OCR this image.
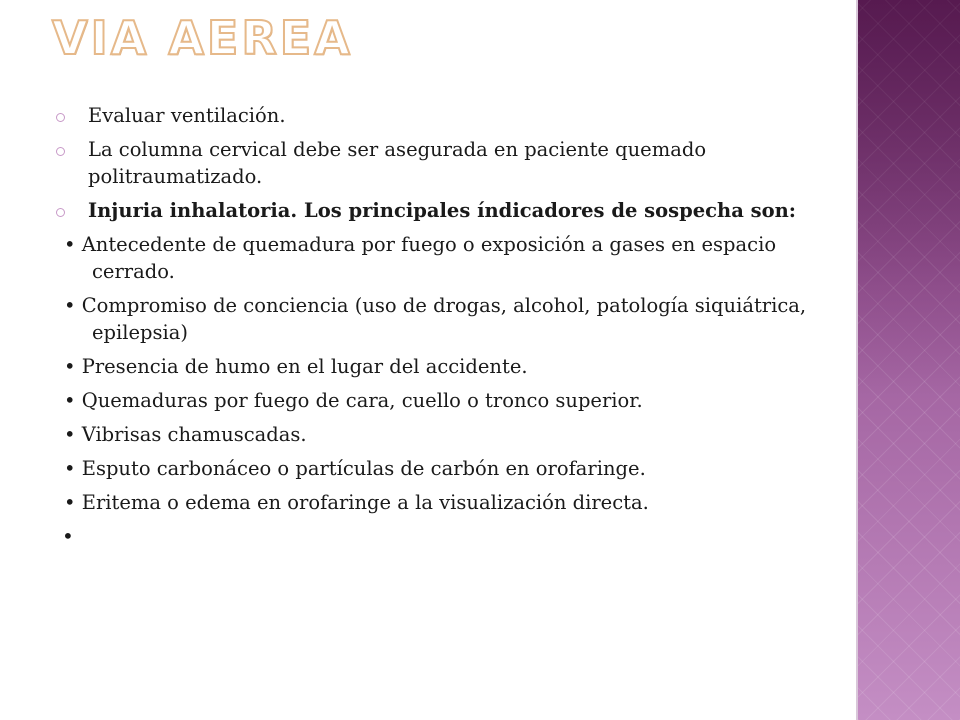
VIA AEREA
Evaluar ventilación.
La columna cervical debe ser asegurada en paciente quemado politraumatizado.
Injuria inhalatoria. Los principales índicadores de sospecha son:
• Antecedente de quemadura por fuego o exposición a gases en espacio cerrado.
• Compromiso de conciencia (uso de drogas, alcohol, patología siquiátrica, epilepsia)
• Presencia de humo en el lugar del accidente.
• Quemaduras por fuego de cara, cuello o tronco superior.
• Vibrisas chamuscadas.
• Esputo carbonáceo o partículas de carbón en orofaringe.
• Eritema o edema en orofaringe a la visualización directa.
•
